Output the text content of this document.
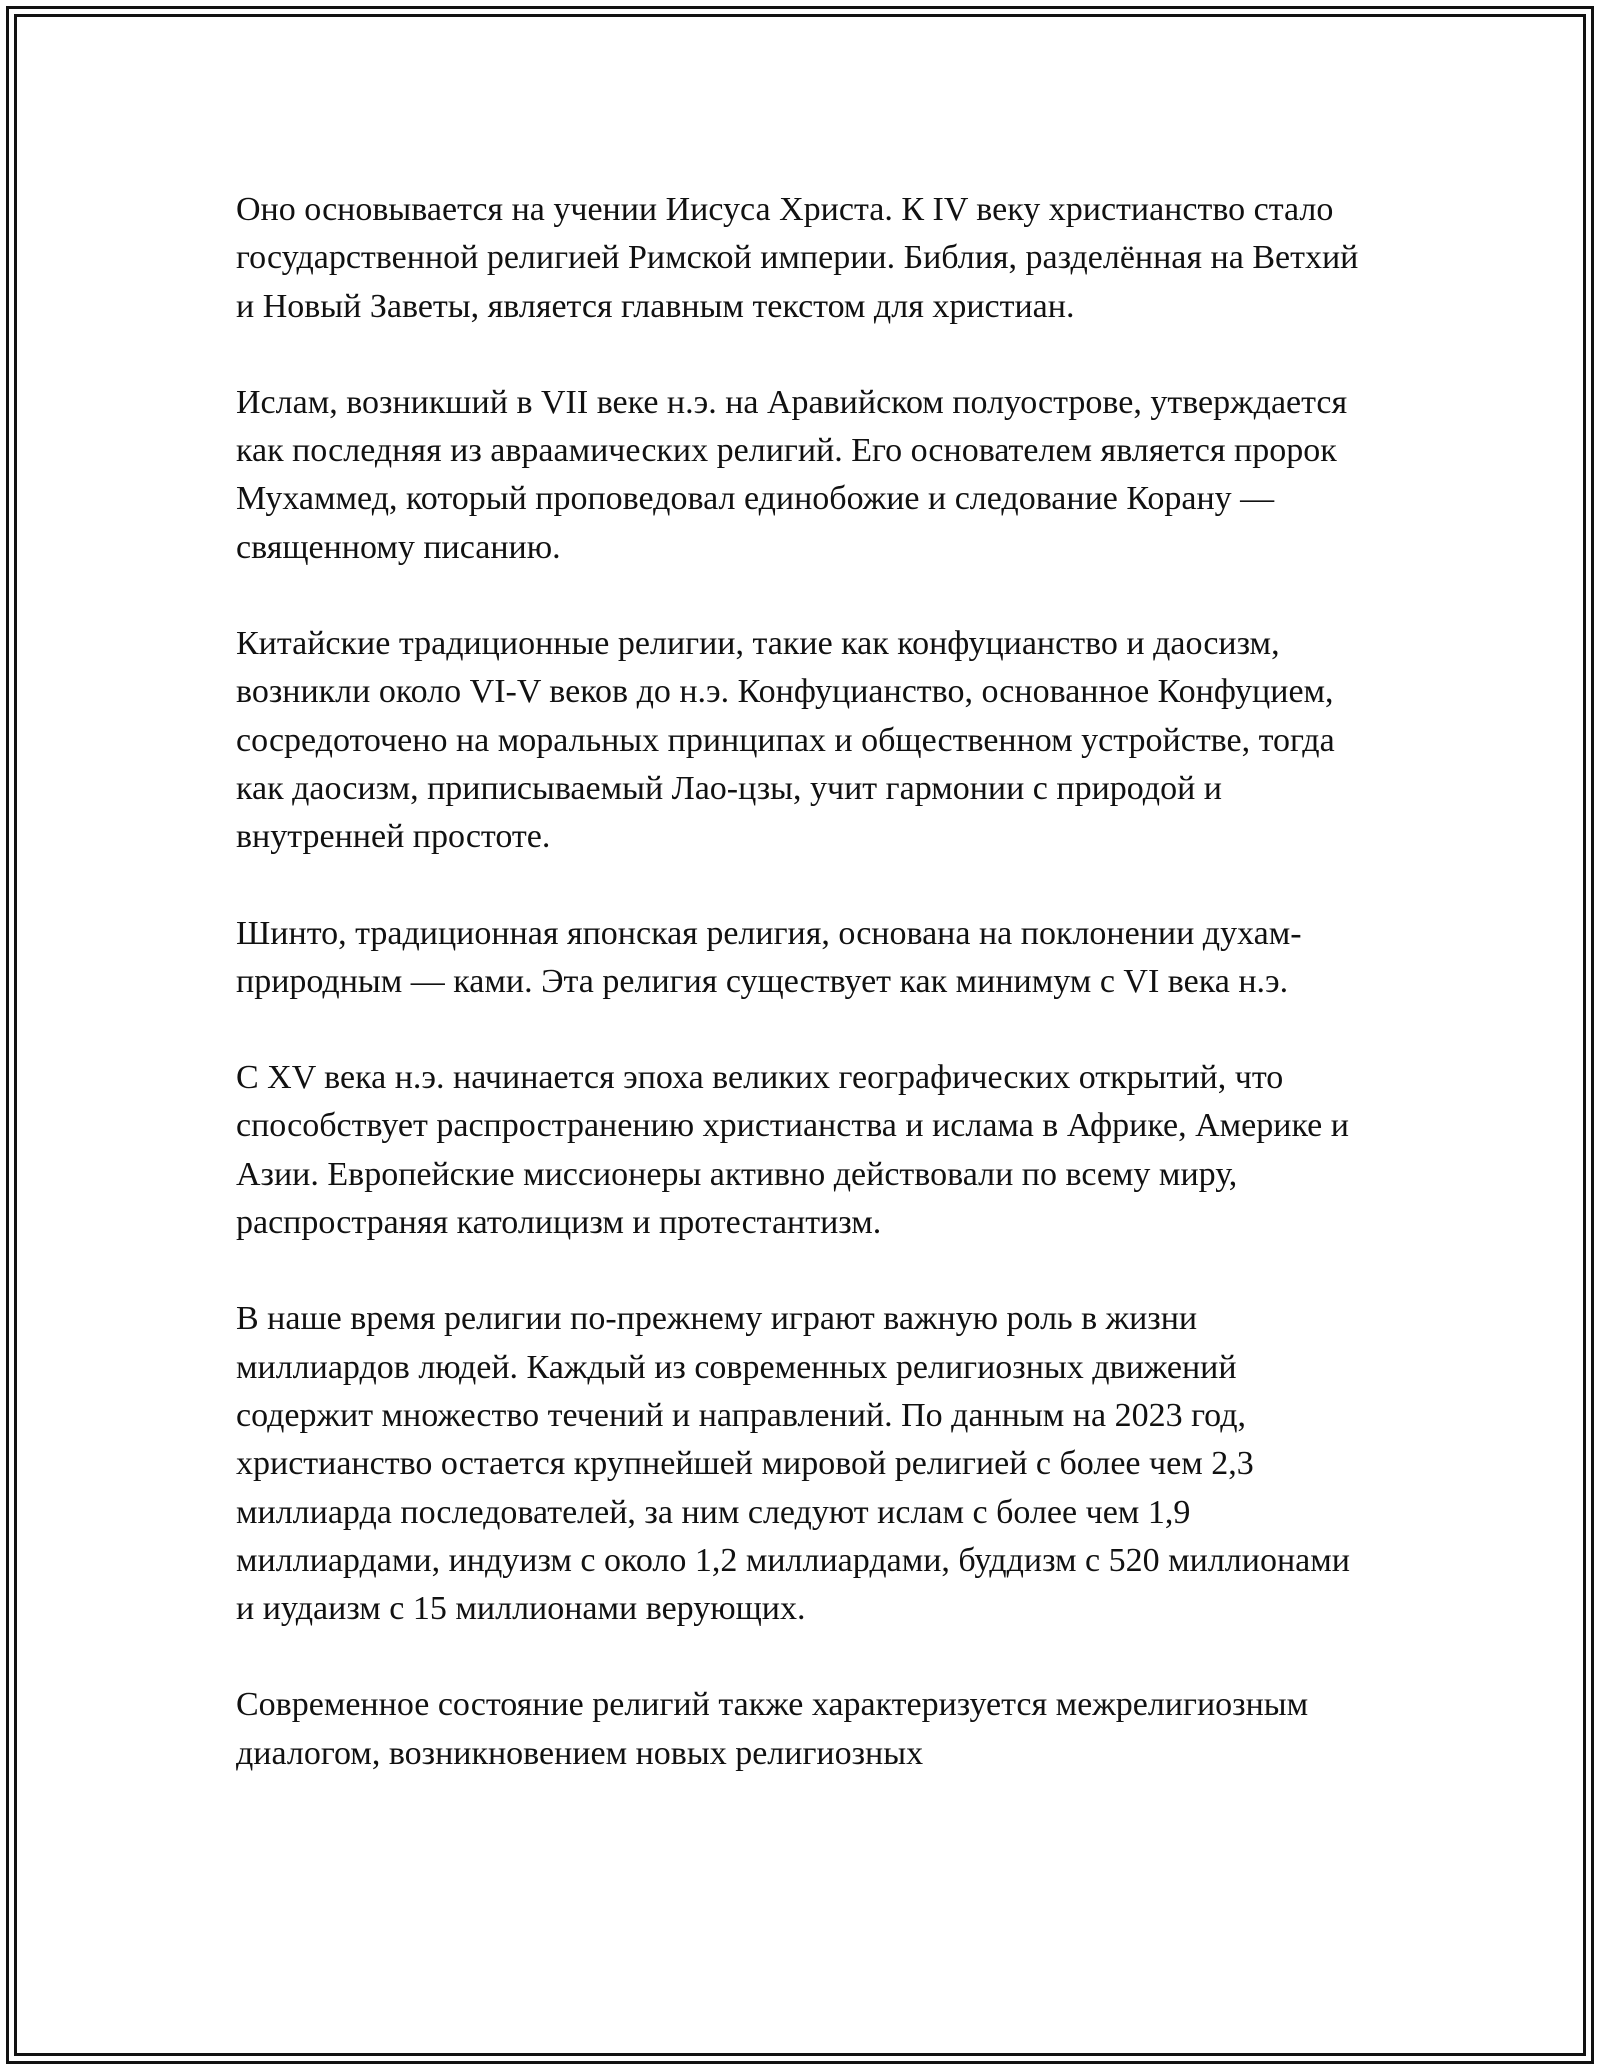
Оно основывается на учении Иисуса Христа. К IV веку христианство стало государственной религией Римской империи. Библия, разделённая на Ветхий и Новый Заветы, является главным текстом для христиан.

Ислам, возникший в VII веке н.э. на Аравийском полуострове, утверждается как последняя из авраамических религий. Его основателем является пророк Мухаммед, который проповедовал единобожие и следование Корану — священному писанию.

Китайские традиционные религии, такие как конфуцианство и даосизм, возникли около VI-V веков до н.э. Конфуцианство, основанное Конфуцием, сосредоточено на моральных принципах и общественном устройстве, тогда как даосизм, приписываемый Лао-цзы, учит гармонии с природой и внутренней простоте.

Шинто, традиционная японская религия, основана на поклонении духам-природным — ками. Эта религия существует как минимум с VI века н.э.

С XV века н.э. начинается эпоха великих географических открытий, что способствует распространению христианства и ислама в Африке, Америке и Азии. Европейские миссионеры активно действовали по всему миру, распространяя католицизм и протестантизм.

В наше время религии по-прежнему играют важную роль в жизни миллиардов людей. Каждый из современных религиозных движений содержит множество течений и направлений. По данным на 2023 год, христианство остается крупнейшей мировой религией с более чем 2,3 миллиарда последователей, за ним следуют ислам с более чем 1,9 миллиардами, индуизм с около 1,2 миллиардами, буддизм с 520 миллионами и иудаизм с 15 миллионами верующих.

Современное состояние религий также характеризуется межрелигиозным диалогом, возникновением новых религиозных
